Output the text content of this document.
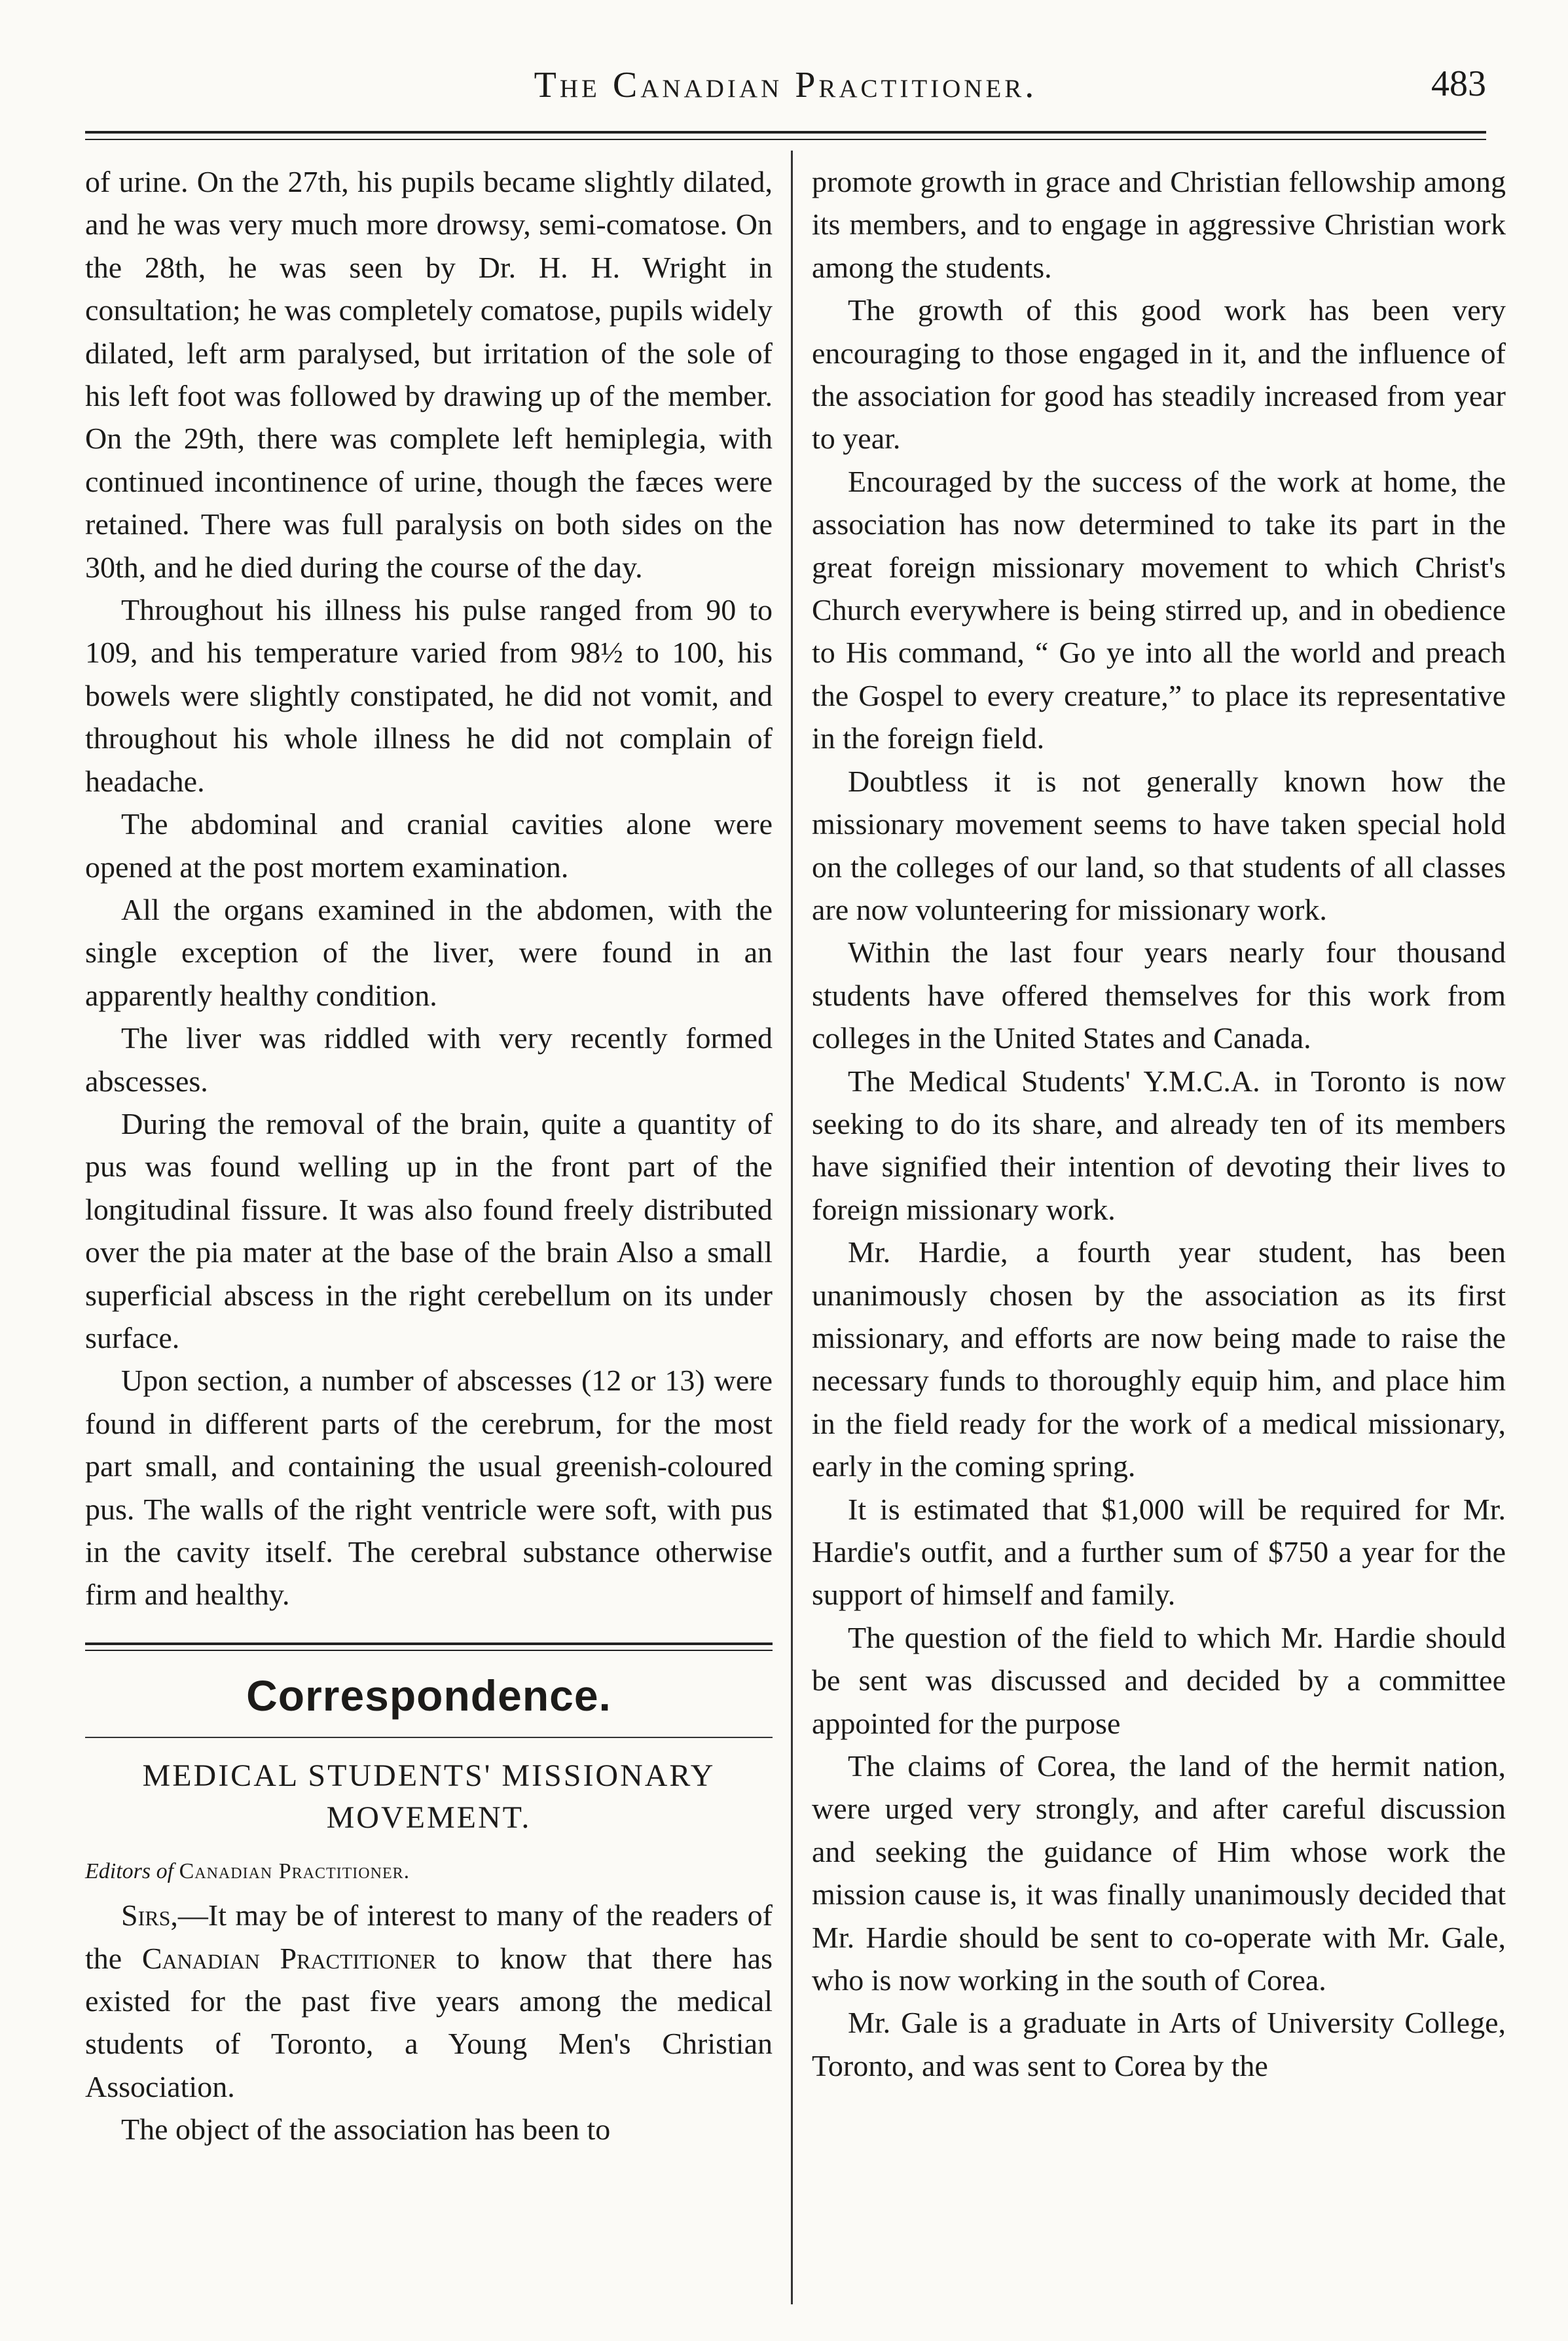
The Canadian Practitioner.	483

of urine. On the 27th, his pupils became slightly dilated, and he was very much more drowsy, semi-comatose. On the 28th, he was seen by Dr. H. H. Wright in consultation; he was completely comatose, pupils widely dilated, left arm paralysed, but irritation of the sole of his left foot was followed by drawing up of the member. On the 29th, there was complete left hemiplegia, with continued incontinence of urine, though the fæces were retained. There was full paralysis on both sides on the 30th, and he died during the course of the day.

Throughout his illness his pulse ranged from 90 to 109, and his temperature varied from 98½ to 100, his bowels were slightly constipated, he did not vomit, and throughout his whole illness he did not complain of headache.

The abdominal and cranial cavities alone were opened at the post mortem examination.

All the organs examined in the abdomen, with the single exception of the liver, were found in an apparently healthy condition.

The liver was riddled with very recently formed abscesses.

During the removal of the brain, quite a quantity of pus was found welling up in the front part of the longitudinal fissure. It was also found freely distributed over the pia mater at the base of the brain Also a small superficial abscess in the right cerebellum on its under surface.

Upon section, a number of abscesses (12 or 13) were found in different parts of the cerebrum, for the most part small, and containing the usual greenish-coloured pus. The walls of the right ventricle were soft, with pus in the cavity itself. The cerebral substance otherwise firm and healthy.

Correspondence.
MEDICAL STUDENTS' MISSIONARY MOVEMENT.
Editors of Canadian Practitioner.

Sirs,—It may be of interest to many of the readers of the Canadian Practitioner to know that there has existed for the past five years among the medical students of Toronto, a Young Men's Christian Association.

The object of the association has been to

promote growth in grace and Christian fellowship among its members, and to engage in aggressive Christian work among the students.

The growth of this good work has been very encouraging to those engaged in it, and the influence of the association for good has steadily increased from year to year.

Encouraged by the success of the work at home, the association has now determined to take its part in the great foreign missionary movement to which Christ's Church everywhere is being stirred up, and in obedience to His command, “ Go ye into all the world and preach the Gospel to every creature,” to place its representative in the foreign field.

Doubtless it is not generally known how the missionary movement seems to have taken special hold on the colleges of our land, so that students of all classes are now volunteering for missionary work.

Within the last four years nearly four thousand students have offered themselves for this work from colleges in the United States and Canada.

The Medical Students' Y.M.C.A. in Toronto is now seeking to do its share, and already ten of its members have signified their intention of devoting their lives to foreign missionary work.

Mr. Hardie, a fourth year student, has been unanimously chosen by the association as its first missionary, and efforts are now being made to raise the necessary funds to thoroughly equip him, and place him in the field ready for the work of a medical missionary, early in the coming spring.

It is estimated that $1,000 will be required for Mr. Hardie's outfit, and a further sum of $750 a year for the support of himself and family.

The question of the field to which Mr. Hardie should be sent was discussed and decided by a committee appointed for the purpose

The claims of Corea, the land of the hermit nation, were urged very strongly, and after careful discussion and seeking the guidance of Him whose work the mission cause is, it was finally unanimously decided that Mr. Hardie should be sent to co-operate with Mr. Gale, who is now working in the south of Corea.

Mr. Gale is a graduate in Arts of University College, Toronto, and was sent to Corea by the
